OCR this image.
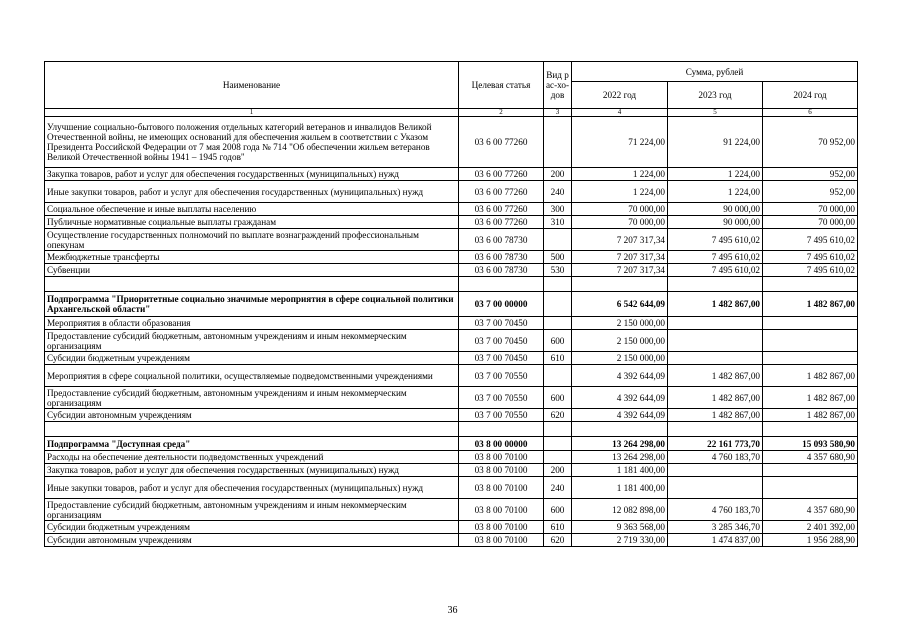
Наименование	Целевая статья	Вид рас-хо-дов	Сумма, рублей		
			2022 год	2023 год	2024 год
1	2	3	4	5	6
Улучшение социально-бытового положения отдельных категорий ветеранов и инвалидов Великой Отечественной войны, не имеющих оснований для обеспечения жильем в соответствии с Указом Президента Российской Федерации от 7 мая 2008 года № 714 "Об обеспечении жильем ветеранов Великой Отечественной войны 1941 – 1945 годов"	03 6 00 77260		71 224,00	91 224,00	70 952,00
Закупка товаров, работ и услуг для обеспечения государственных (муниципальных) нужд	03 6 00 77260	200	1 224,00	1 224,00	952,00
Иные закупки товаров, работ и услуг для обеспечения государственных (муниципальных) нужд	03 6 00 77260	240	1 224,00	1 224,00	952,00
Социальное обеспечение и иные выплаты населению	03 6 00 77260	300	70 000,00	90 000,00	70 000,00
Публичные нормативные социальные выплаты гражданам	03 6 00 77260	310	70 000,00	90 000,00	70 000,00
Осуществление государственных полномочий по выплате вознаграждений профессиональным опекунам	03 6 00 78730		7 207 317,34	7 495 610,02	7 495 610,02
Межбюджетные трансферты	03 6 00 78730	500	7 207 317,34	7 495 610,02	7 495 610,02
Субвенции	03 6 00 78730	530	7 207 317,34	7 495 610,02	7 495 610,02

Подпрограмма "Приоритетные социально значимые мероприятия в сфере социальной политики Архангельской области"	03 7 00 00000		6 542 644,09	1 482 867,00	1 482 867,00
Мероприятия в области образования	03 7 00 70450		2 150 000,00		
Предоставление субсидий бюджетным, автономным учреждениям и иным некоммерческим организациям	03 7 00 70450	600	2 150 000,00		
Субсидии бюджетным учреждениям	03 7 00 70450	610	2 150 000,00		
Мероприятия в сфере социальной политики, осуществляемые подведомственными учреждениями	03 7 00 70550		4 392 644,09	1 482 867,00	1 482 867,00
Предоставление субсидий бюджетным, автономным учреждениям и иным некоммерческим организациям	03 7 00 70550	600	4 392 644,09	1 482 867,00	1 482 867,00
Субсидии автономным учреждениям	03 7 00 70550	620	4 392 644,09	1 482 867,00	1 482 867,00

Подпрограмма "Доступная среда"	03 8 00 00000		13 264 298,00	22 161 773,70	15 093 580,90
Расходы на обеспечение деятельности подведомственных учреждений	03 8 00 70100		13 264 298,00	4 760 183,70	4 357 680,90
Закупка товаров, работ и услуг для обеспечения государственных (муниципальных) нужд	03 8 00 70100	200	1 181 400,00		
Иные закупки товаров, работ и услуг для обеспечения государственных (муниципальных) нужд	03 8 00 70100	240	1 181 400,00		
Предоставление субсидий бюджетным, автономным учреждениям и иным некоммерческим организациям	03 8 00 70100	600	12 082 898,00	4 760 183,70	4 357 680,90
Субсидии бюджетным учреждениям	03 8 00 70100	610	9 363 568,00	3 285 346,70	2 401 392,00
Субсидии автономным учреждениям	03 8 00 70100	620	2 719 330,00	1 474 837,00	1 956 288,90
36
